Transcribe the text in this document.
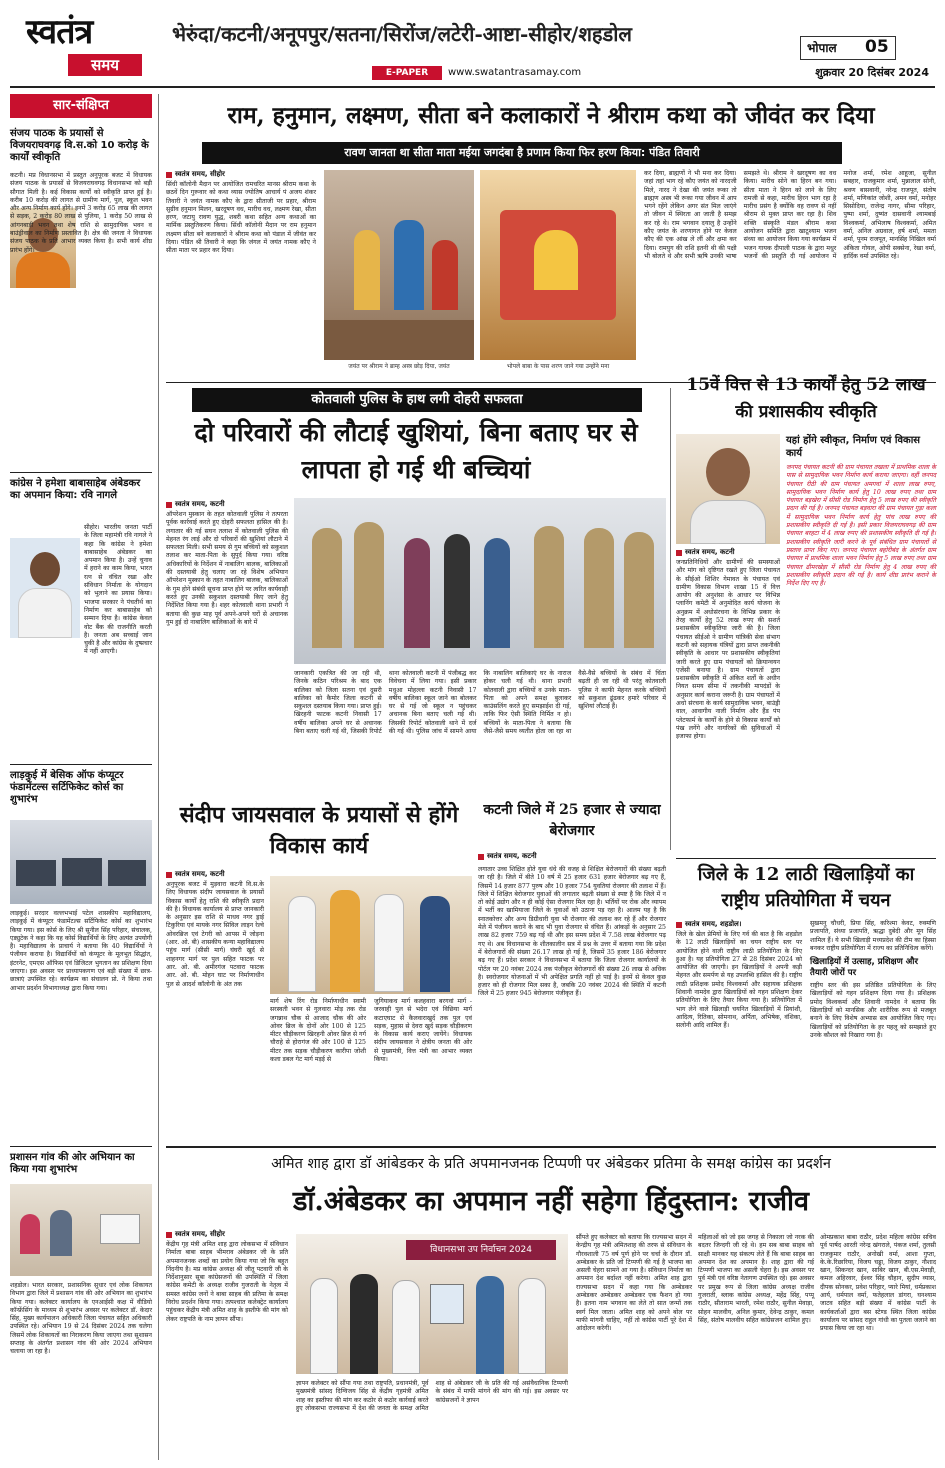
स्वतंत्र
समय
भेरुंदा/कटनी/अनूपपुर/सतना/सिरोंज/लटेरी-आष्टा-सीहोर/शहडोल
भोपाल 05
E-PAPER	www.swatantrasamay.com	शुक्रवार 20 दिसंबर 2024
सार-संक्षिप्त
संजय पाठक के प्रयासों से विजयराघवगढ़ वि.स.को 10 करोड़ के कार्यों स्वीकृति
कटनी। मप्र विधानसभा में प्रस्तुत अनुपूरक बजट में विधायक संजय पाठक के प्रयासों से विजयराघवगढ़ विधानसभा को बड़ी सौगात मिली है। कई विकास कार्यों को स्वीकृति प्राप्त हुई है। करीब 10 करोड़ की लागत से ग्रामीण मार्ग, पुल, स्कूल भवन और अन्य निर्माण कार्य होंगे। इनमें 3 करोड़ 65 लाख की लागत से सड़क, 2 करोड़ 80 लाख से पुलिया, 1 करोड़ 50 लाख से आंगनबाड़ी भवन तथा शेष राशि से सामुदायिक भवन व बाउंड्रीवाल का निर्माण प्रस्तावित है। क्षेत्र की जनता ने विधायक संजय पाठक के प्रति आभार व्यक्त किया है। सभी कार्य शीघ्र प्रारंभ होंगे।
कांग्रेस ने हमेशा बाबासाहेब अंबेडकर का अपमान किया: रवि नागले
सीहोर। भारतीय जनता पार्टी के जिला महामंत्री रवि नागले ने कहा कि कांग्रेस ने हमेशा बाबासाहेब अंबेडकर का अपमान किया है। उन्हें चुनाव में हराने का काम किया, भारत रत्न से वंचित रखा और संविधान निर्माता के योगदान को भुलाने का प्रयास किया। भाजपा सरकार ने पंचतीर्थ का निर्माण कर बाबासाहेब को सम्मान दिया है। कांग्रेस केवल वोट बैंक की राजनीति करती है। जनता अब सच्चाई जान चुकी है और कांग्रेस के दुष्प्रचार में नहीं आएगी।
लाड़कुई में बेसिक ऑफ कंप्यूटर फंडामेंटल्स सर्टिफिकेट कोर्स का शुभारंभ
लाड़कुई। सरदार वल्लभभाई पटेल शासकीय महाविद्यालय, लाड़कुई में कंप्यूटर फंडामेंटल्स सर्टिफिकेट कोर्स का शुभारंभ किया गया। इस कोर्स के लिए श्री सुनील सिंह परिहार, संचालक, एड्युटेक ने कहा कि यह कोर्स विद्यार्थियों के लिए अत्यंत उपयोगी है। महाविद्यालय के प्राचार्य ने बताया कि 40 विद्यार्थियों ने पंजीयन कराया है। विद्यार्थियों को कंप्यूटर के मूलभूत सिद्धांत, इंटरनेट, एमएस ऑफिस एवं डिजिटल भुगतान का प्रशिक्षण दिया जाएगा। इस अवसर पर प्राध्यापकगण एवं बड़ी संख्या में छात्र-छात्राएं उपस्थित रहे। कार्यक्रम का संचालन प्रो. ने किया तथा आभार प्रदर्शन विभागाध्यक्ष द्वारा किया गया।
प्रशासन गांव की ओर अभियान का किया गया शुभारंभ
शहडोल। भारत सरकार, प्रशासनिक सुधार एवं लोक शिकायत विभाग द्वारा जिले में प्रशासन गांव की ओर अभियान का शुभारंभ किया गया। कलेक्टर कार्यालय के एनआईसी कक्ष में वीडियो कॉन्फ्रेंसिंग के माध्यम से शुभारंभ अवसर पर कलेक्टर डॉ. केदार सिंह, मुख्य कार्यपालन अधिकारी जिला पंचायत सहित अधिकारी उपस्थित रहे। अभियान 19 से 24 दिसंबर 2024 तक चलेगा जिसमें लोक शिकायतों का निराकरण किया जाएगा तथा सुशासन सप्ताह के अंतर्गत प्रशासन गांव की ओर 2024 अभियान चलाया जा रहा है।
राम, हनुमान, लक्ष्मण, सीता बने कलाकारों ने श्रीराम कथा को जीवंत कर दिया
रावण जानता था सीता माता मईया जगदंबा है प्रणाम किया फिर हरण किया: पंडित तिवारी
स्वतंत्र समय, सीहोर
सिंधी कॉलोनी मैदान पर आयोजित रामचरित मानस श्रीराम कथा के छठवें दिन गुरूवार को कथा व्यास ज्योतिष आचार्य पं अजय शंकर तिवारी ने जयंत नामक कौए के द्वारा सीताजी पर प्रहार, श्रीराम सुग्रीव हनुमान मिलन, खरदूषण वध, मारीच वध, लक्ष्मण रेखा, सीता हरण, जटायु रावण युद्ध, शबरी कथा सहित अन्य कथाओं का मार्मिक प्रस्तुतिकरण किया। सिंधी कॉलोनी मैदान पर राम हनुमान लक्ष्मण सीता बने कलाकारों ने श्रीराम कथा को पंडाल में जीवंत कर दिया। पंडित श्री तिवारी ने कहा कि जंगल में जयंत नामक कौए ने सीता माता पर प्रहार कर दिया।
जयंत पर श्रीराम ने ब्राम्ह अस्त्र छोड़ दिया, जयंत	भोपले बाबा के पास शरण जाने गया उन्होंने मना
कर दिया, ब्राह्मणों ने भी मना कर दिया। जहां तहां भाग रहे कौए जयंत को नारदजी मिले, नारद ने देखा की जयंत रूका तो ब्राह्मण अस्त्र भी रूका गया जीवन में आप भगने रहेंगे लेकिन अगर संत मिल जाएंगे तो जीवन में स्थिरता आ जाती है समझ कर रहे थे। राम भगवान दयालु है उन्होंने कौए जयंत के शरणागत होने पर केवल कौए की एक आंख ले लीं और क्षमा कर दिया। रामयुग की राशि इतनी थी की पक्षी भी बोलते थे और सभी ऋषि उनकी भाषा समझते थे। श्रीराम ने खरदूषण का वध किया। मारीच सोने का हिरन बन गया। सीता माता ने हिरन को लाने के लिए रामजी से कहा, मारीच हिरन भाग रहा है मारीच प्रसंग है क्योंकि वह रावण से नहीं श्रीराम से मुक्त प्राप्त कर रहा है। शिव शक्ति संस्कृति मंडल श्रीराम कथा आयोजन समिति द्वारा खाटूश्याम भजन संध्या का आयोजन किया गया कार्यक्रम में भजन गायक दीपाली पाठक के द्वारा मधुर भजनों की प्रस्तुति दी गई आयोजन में मनोज शर्मा, रमेश आहूजा, सुनील सबहार, राजकुमार शर्मा, मुन्नालाल सोनी, श्रवण बासवानी, नरेन्द्र राजपूत, संतोष शर्मा, मणिकांत जोशी, अमन वर्मा, मनोहर सिसोदिया, राजेन्द्र नागर, सीमा परिहार, पुष्पा शर्मा, दुष्यंत दासवानी श्यामबाई विश्वकर्मा, अभिलाष विश्वकर्मा, अमित वर्मा, अनिल अग्रवाल, हर्ष शर्मा, ममता शर्मा, पूनम राजपूत, मानसिंह निखिल वर्मा अंकिता गोयल, ओपी सक्सेना, रेखा वर्मा, हार्दिक वर्मा उपस्थित रहे।
कोतवाली पुलिस के हाथ लगी दोहरी सफलता
दो परिवारों की लौटाई खुशियां, बिना बताए घर से लापता हो गई थी बच्चियां
स्वतंत्र समय, कटनी
ऑपरेशन मुस्कान के तहत कोतवाली पुलिस ने तत्परता पूर्वक कार्रवाई करते हुए दोहरी सफलता हासिल की है। लगातार की गई सघन तलाश में कोतवाली पुलिस की मेहनत रंग लाई और दो परिवारों की खुशियां लौटाने में सफलता मिली। सभी समय से गुम बच्चियों को सकुशल तलाश कर माता-पिता के सुपुर्द किया गया। वरिष्ठ अधिकारियों के निर्देशन में नाबालिग बालक, बालिकाओं की दस्तयाबी हेतु चलाए जा रहे विशेष अभियान ऑपरेशन मुस्कान के तहत नाबालिग बालक, बालिकाओं के गुम होने संबंधी सूचना प्राप्त होने पर त्वरित कार्यवाही करते हुए उनकी सकुशल दस्तयाबी किए जाने हेतु निर्देशित किया गया है। शहर कोतवाली थाना प्रभारी ने बताया की कुछ माह पूर्व अपने-अपने घरों से अचानक गुम हुई दो नाबालिग बालिकाओं के बारे में
जानकारी एकत्रित की जा रही थी, जिनके कठिन परिश्रम के बाद एक बालिका को जिला सतना एवं दूसरी बालिका को कैमोर जिला कटनी से सकुशल दस्तयाब किया गया। प्राप्त हुई। खिरहनी फाटक कटनी निवासी 17 वर्षीय बालिका अपने घर से अचानक बिना बताए चली गई थी, जिसकी रिपोर्ट थाना कोतवाली कटनी में पंजीबद्ध कर विवेचना में लिया गया। इसी प्रकार मधुआ मोहल्ला कटनी निवासी 17 वर्षीय बालिका स्कूल जाने का बोलकर घर से गई जो स्कूल न पहुंचकर अचानक बिना बताए चली गई थी। जिसकी रिपोर्ट कोतवाली थाने में दर्ज की गई थी। पुलिस जांच में सामने आया कि नाबालिग बालिकाएं घर के नाराज होकर चली गई थी। थाना प्रभारी कोतवाली द्वारा बच्चियों व उनके माता-पिता को अपने समक्ष बुलाकर काउंसलिंग करते हुए समझाईश दी गई, ताकि फिर ऐसी स्थिति निर्मित न हो। बच्चियों के माता-पिता ने बताया कि जैसे-जैसे समय व्यतीत होता जा रहा था वैसे-वैसे बच्चियों के संबंध में चिंता बढ़ती ही जा रही थी परंतु कोतवाली पुलिस ने काफी मेहनत करके बच्चियों को सकुशल ढूंढकर हमारे परिवार में खुशियां लौटाई हैं।
15वें वित्त से 13 कार्यों हेतु 52 लाख की प्रशासकीय स्वीकृति
यहां होंगे स्वीकृत, निर्माण एवं विकास कार्य
जनपद पंचायत कटनी की ग्राम पंचायत तखला में प्राथमिक शाला के पास से सामुदायिक भवन निर्माण कार्य कराया जाएगा। वहीं जनपद पंचायत रीठी की ग्राम पंचायत अमगवां में शाला लाख रुपए, सामुदायिक भवन निर्माण कार्य हेतु 10 लाख रुपए तथा ग्राम पंचायत बड़खेरा में सीसी रोड निर्माण हेतु 5 लाख रुपए की स्वीकृति प्रदान की गई है। जनपद पंचायत बड़वारा की ग्राम पंचायत गुड़ा कला में सामुदायिक भवन निर्माण कार्य हेतु पांच लाख रुपए की प्रशासकीय स्वीकृति दी गई है। इसी प्रकार विजयराघवगढ़ की ग्राम पंचायत बरहटा में 4 लाख रुपए की प्रशासकीय स्वीकृति दी गई है। प्रशासकीय स्वीकृति जारी करने के पूर्व संबंधित ग्राम पंचायतों से प्रस्ताव प्राप्त किए गए। जनपद पंचायत बहोरीबंद के अंतर्गत ग्राम पंचायत में प्राथमिक शाला भवन निर्माण हेतु 5 लाख रुपए तथा ग्राम पंचायत ढीमरखेड़ा में सीसी रोड निर्माण हेतु 4 लाख रुपए की प्रशासकीय स्वीकृति प्रदान की गई है। कार्य शीघ्र प्रारंभ कराने के निर्देश दिए गए हैं।
स्वतंत्र समय, कटनी
जनप्रतिनिधियों और ग्रामीणों की समस्याओं और मांग को दृष्टिगत रखते हुए जिला पंचायत के सीईओ शिशिर गेमावत के पंचायत एवं ग्रामीण विकास विभाग शाखा 15 वें वित्त आयोग की अनुशंसा के आधार पर विभिन्न प्लानिंग कमेटी में अनुमोदित कार्य योजना के अनुक्रम में अधोसंरचना के विभिन्न प्रकार के तेरह कार्यों हेतु 52 लाख रुपए की सशर्त प्रशासकीय स्वीकृतिया जारी की है। जिला पंचायत सीईओ ने ग्रामीण यांत्रिकी सेवा संभाग कटनी को सहायक यंत्रियों द्वारा प्राप्त तकनीकी स्वीकृति के आधार पर प्रशासकीय स्वीकृतियां जारी करते हुए ग्राम पंचायतों को क्रियान्वयन एजेंसी बनाया है। ग्राम पंचायतों द्वारा प्रशासकीय स्वीकृति में अंकित शर्तों के अधीन नियत समय सीमा में तकनीकी मापदंडों के अनुसार कार्य कराना जरूरी है। ग्राम पंचायतों में अधो संरचना के कार्य सामुदायिक भवन, बाउंड्री वाल, आवागीय नाली निर्माण और हैंड पंप प्लेटफार्म के कार्यों के होने से विकास कार्यों को पंख लगेंगे और नागरिकों की सुविधाओं में इजाफा होगा।
संदीप जायसवाल के प्रयासों से होंगे विकास कार्य
स्वतंत्र समय, कटनी
अनुपूरक बजट में मुड़वारा कटनी वि.स.के लिए विधायक संदीप जायसवाल के प्रयासों विकास कार्यों हेतु राशि की स्वीकृति प्रदान की है। विधायक कार्यालय से प्राप्त जानकारी के अनुसार इस राशि से माधव नगर ड्राई टिकुरिया एवं मायके नगर सिविल लाइन रेल्वे ओवरब्रिज एवं टेगरी को आपस में जोड़ना (आर. ओ. बी) शासकीय कन्या महाविद्यालय पहुंच मार्ग (सीसी मार्ग) घंघरी खुर्द से शाहनगर मार्ग पर पुल सहित फाटक पर आर. ओ. बी. अमीरगंज पटवारा फाटक आर. ओ. बी. मोहन घाट पर निर्माणाधीन पुल से आदर्श कॉलोनी के अंत तक
मार्ग शेष रिंग रोड निर्माणाधीन स्वामी सरस्वती भवन से गुलवारा मोड़ तक रोड जगन्नाथ चौक से आजाद चौक की ओर ओवर ब्रिज के दोनों ओर 100 से 125 मीटर चौड़ीकरण खिरहनी ओवर ब्रिज से गर्ग चौराहे से होरागंज की ओर 100 से 125 मीटर तक सड़क चौड़ीकरण कारीपा जोशी कला डबल गेट मार्ग मड़ई से
जुगियाकच मार्ग कलहवारा बरगवां मार्ग - जरवाही पुल से भदेरा एवं विछिया मार्ग कटाएघाट से कैलवाराखुर्द तक पुल एवं सड़क, मुहास से देवरा खुर्द सड़क चौड़ीकरण के विकास कार्य कराए जायेंगे। विधायक संदीप जायसवाल ने क्षेत्रीय जनता की ओर से मुख्यमंत्री, वित्त मंत्री का आभार व्यक्त किया।
कटनी जिले में 25 हजार से ज्यादा बेरोजगार
स्वतंत्र समय, कटनी
लगातार उच्च शिक्षित होते युवा धंधे की वजह से शिक्षित बेरोजगारों की संख्या बढ़ती जा रही है। जिले में बीते 10 वर्ष में 25 हजार 631 हजार बेरोजगार बढ़ गए हैं, जिसमें 14 हजार 877 पुरुष और 10 हजार 754 युवतियां रोजगार की तलाश में हैं। जिले में शिक्षित बेरोजगार युवाओं की लगातार बढ़ती संख्या से स्पष्ट है कि जिले में न तो कोई उद्योग और न ही कोई ऐसा रोजगार मिल रहा है। भर्तियों पर रोक और व्यापम में भर्ती का खामियाजा जिले के युवाओं को उठाना पड़ रहा है। आलम यह है कि स्नातकोत्तर और अन्य डिग्रीधारी युवा भी रोजगार की तलाश कर रहे हैं और रोजगार मेले में पंजीयन कराने के बाद भी युवा रोजगार से वंचित हैं। आंकड़ों के अनुसार 25 लाख 82 हजार 759 बढ़ गई थी और इस समय प्रदेश में 7.58 लाख बेरोजगार पढ़ गए थे। अब विधानसभा के शीतकालीन सत्र में प्रश्न के उत्तर में बताया गया कि प्रदेश में बेरोजगारों की संख्या 26.17 लाख हो गई है, जिसमें 35 हजार 186 बेरोजगार बढ़ गए हैं। प्रदेश सरकार ने विधानसभा में बताया कि जिला रोजगार कार्यालयों के पोर्टल पर 20 नवंबर 2024 तक पंजीकृत बेरोजगारों की संख्या 26 लाख से अधिक है। स्वरोजगार योजनाओं में भी अपेक्षित प्रगति नहीं हो पाई है। इनमें से केवल कुछ हजार को ही रोजगार मिल सका है, जबकि 20 नवंबर 2024 की स्थिति में कटनी जिले में 25 हजार 945 बेरोजगार पंजीकृत हैं।
जिले के 12 लाठी खिलाड़ियों का राष्ट्रीय प्रतियोगिता में चयन
स्वतंत्र समय, शहडोल।
जिले के खेल प्रेमियों के लिए गर्व की बात है कि शहडोल के 12 लाठी खिलाड़ियों का चयन राष्ट्रीय स्तर पर आयोजित होने वाली राष्ट्रीय लाठी प्रतियोगिता के लिए हुआ है। यह प्रतियोगिता 27 से 28 दिसंबर 2024 को आयोजित की जाएगी। इन खिलाड़ियों ने अपनी कड़ी मेहनत और समर्पण से यह उपलब्धि हासिल की है। राष्ट्रीय लाठी प्रशिक्षक प्रमोद विश्वकर्मा और सहायक प्रशिक्षक शिवानी नामदेव द्वारा खिलाड़ियों को गहन प्रशिक्षण देकर प्रतियोगिता के लिए तैयार किया गया है। प्रतियोगिता में भाग लेने वाले खिलाड़ी चयनित खिलाड़ियों में प्रियांशी, आदित्य, रितिका, सोमनाथ, अर्पिता, अभिषेक, वंशिका, सलोनी आदि शामिल हैं।
सुखमनु चौधरी, प्रिया सिंह, करिश्मा केवट, रुक्मणि प्रजापति, संध्या प्रजापति, ऋद्धा दुबेदी और मून सिंह शामिल हैं। ये सभी खिलाड़ी मध्यप्रदेश की टीम का हिस्सा बनकर राष्ट्रीय प्रतियोगिता में राज्य का प्रतिनिधित्व करेंगे।
खिलाड़ियों में उत्साह, प्रशिक्षण और तैयारी जोरों पर
राष्ट्रीय स्तर की इस प्रतिष्ठित प्रतियोगिता के लिए खिलाड़ियों को गहन प्रशिक्षण दिया गया है। प्रशिक्षक प्रमोद विश्वकर्मा और शिवानी नामदेव ने बताया कि खिलाड़ियों को मानसिक और शारीरिक रूप से मजबूत बनाने के लिए विशेष अभ्यास सत्र आयोजित किए गए। खिलाड़ियों को प्रतियोगिता के हर पहलू को समझाते हुए उनके कौशल को निखारा गया है।
अमित शाह द्वारा डॉ आंबेडकर के प्रति अपमानजनक टिप्पणी पर अंबेडकर प्रतिमा के समक्ष कांग्रेस का प्रदर्शन
डॉ.अंबेडकर का अपमान नहीं सहेगा हिंदुस्तान: राजीव
स्वतंत्र समय, सीहोर
केंद्रीय गृह मंत्री अमित शाह द्वारा लोकसभा में संविधान निर्माता बाबा साहब भीमराव अंबेडकर जी के प्रति अपमानजनक शब्दों का प्रयोग किया गया जो कि बहुत निंदनीय है। मप्र कांग्रेस अध्यक्ष श्री जीतू पटवारी जी के निर्देशानुसार सूबा कांग्रेसजनों की उपस्थिति में जिला कांग्रेस कमेटी के अध्यक्ष राजीव गुजराती के नेतृत्व में समस्त कांग्रेस जनों ने बाबा साहब की प्रतिमा के समक्ष विरोध प्रदर्शन किया गया। तत्पश्चात कलेक्ट्रेट कार्यालय पहुंचकर केंद्रीय मंत्री अमित शाह के इस्तीफे की मांग को लेकर राष्ट्रपति के नाम ज्ञापन सौंपा।
विधानसभा उप निर्वाचन 2024
ज्ञापन कलेक्टर को सौंपा गया तथा राष्ट्रपति, प्रधानमंत्री, पूर्व मुख्यमंत्री सांसद दिग्विजय सिंह से केंद्रीय गृहमंत्री अमित शाह का इस्तीफा की मांग कर कठोर से कठोर कार्रवाई करते हुए लोकसभा राज्यसभा में देश की जनता के समक्ष अमित शाह से अंबेडकर जी के प्रति की गई असंवैधानिक टिप्पणी के संबंध में माफी मांगने की मांग की गई। इस अवसर पर कांग्रेसजनों ने ज्ञापन
सौंपते हुए कलेक्टर को बताया कि राज्यसभा सदन में केन्द्रीय गृह मंत्री अमितशाह की तरफ से संविधान के गौरवशाली 75 वर्ष पूर्ण होने पर चर्चा के दौरान डॉ. अम्बेडकर के प्रति जो टिप्पणी की गई है भाजपा का असली चेहरा सामने आ गया है। संविधान निर्माता का अपमान देश बर्दाश्त नहीं करेगा। अमित शाह द्वारा राज्यसभा सदन में कहा गया कि अम्बेडकर अम्बेडकर अम्बेडकर अम्बेडकर एक फैशन हो गया है। इतना नाम भगवान का लेते तो सात जन्मों तक स्वर्ग मिल जाता। अमित शाह को अपने बोल पर माफी मांगनी चाहिए, नहीं तो कांग्रेस पार्टी पूरे देश में आंदोलन करेगी।
महिलाओं को जो इस जगह से निकाला जो नरक की बदतर जिन्दगी जी रहे थे। हम सब बाबा साहब को साक्षी मानकर यह संकल्प लेते हैं कि बाबा साहब का अपमान देश का अपमान है। शाह द्वारा की गई टिप्पणी भाजपा का असली चेहरा है। इस अवसर पर पूर्व मंत्री एवं वरिष्ठ नेतागण उपस्थित रहे। इस अवसर पर प्रमुख रूप से जिला कांग्रेस अध्यक्ष राजीव गुजराती, ब्लाक कांग्रेस अध्यक्ष, महेंद्र सिंह, पप्पू राठौर, सीताराम भारती, रमेश राठौर, सुनील मेवाड़ा, सोहन मालवीय, अनिल कुमार, देवेन्द्र ठाकुर, कमल सिंह, संतोष मालवीय सहित कांग्रेसजन शामिल हुए।
ओमप्रकाश बाबा राठौर, प्रदेश महिला कांग्रेस सचिव पूर्व पार्षद आरती नरेन्द्र खंगराले, पंकज शर्मा, तुलसी राजकुमार राठौर, अनोखी वर्मा, आशा गुप्ता, के.के.रिछारिया, विजय चड्डा, विजय ठाकुर, नौशाद खान, सिकन्दर खान, साबिर खान, बी.एस.मेवाड़ी, कमल अहिरवार, ईश्वर सिंह चौहान, सुदीप व्यास, दीपक सोनकर, प्रवेश परिहार, प्यारे मियां, धर्मप्रकाश आर्य, धर्मपाल वर्मा, फतेहलाल डांगरा, घनश्याम जाटव सहित बड़ी संख्या में कांग्रेस पार्टी के कार्यकर्ताओं द्वारा बस स्टेण्ड स्थित जिला कांग्रेस कार्यालय पर सांसद राहुल गांधी का पुतला जलाने का प्रयास किया जा रहा था।
